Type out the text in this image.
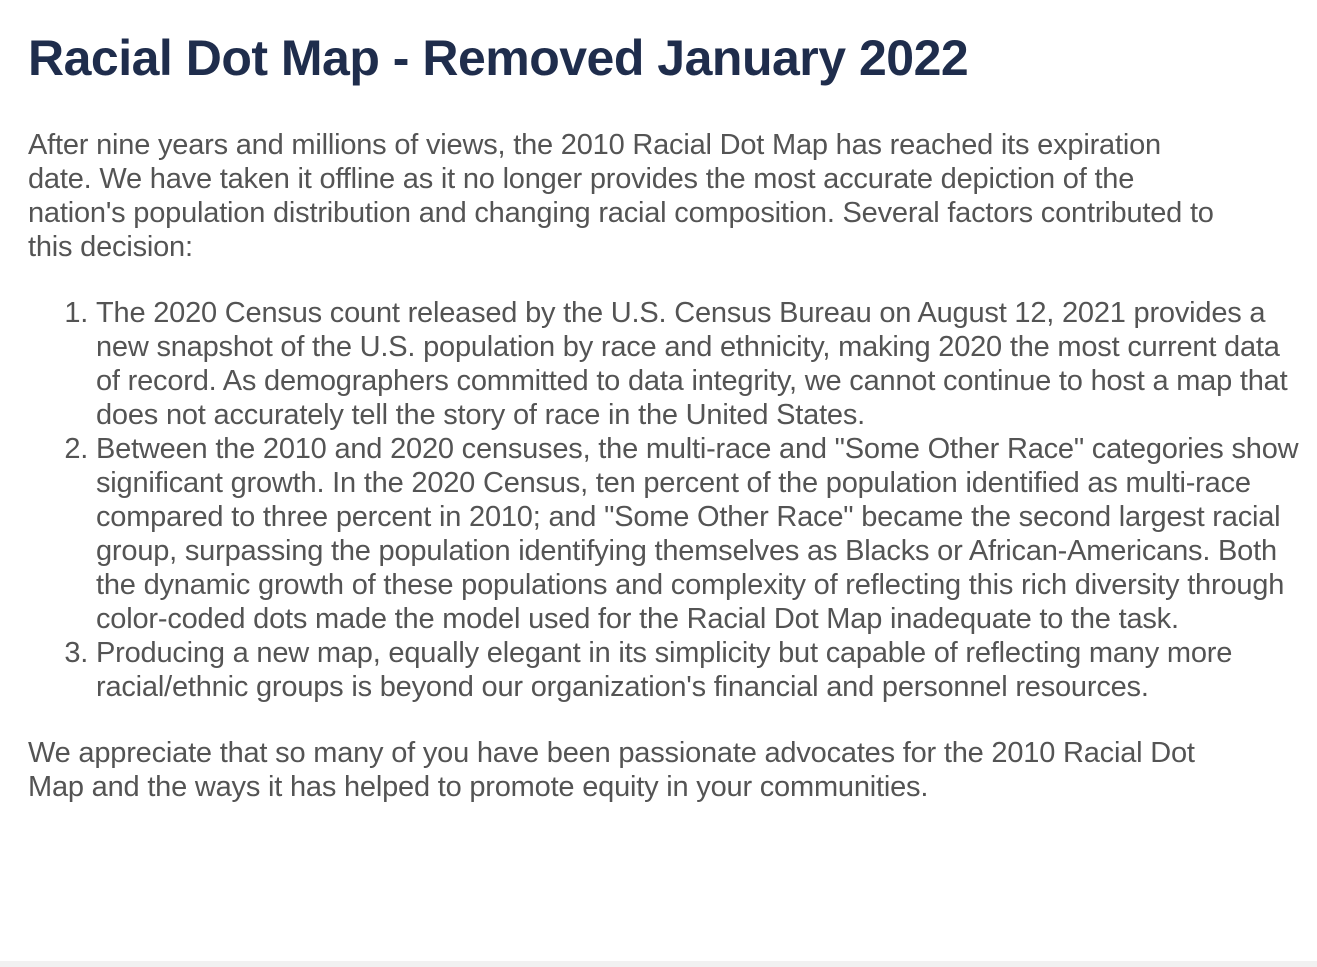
Racial Dot Map - Removed January 2022

After nine years and millions of views, the 2010 Racial Dot Map has reached its expiration date. We have taken it offline as it no longer provides the most accurate depiction of the nation's population distribution and changing racial composition. Several factors contributed to this decision:

1. The 2020 Census count released by the U.S. Census Bureau on August 12, 2021 provides a new snapshot of the U.S. population by race and ethnicity, making 2020 the most current data of record. As demographers committed to data integrity, we cannot continue to host a map that does not accurately tell the story of race in the United States.
2. Between the 2010 and 2020 censuses, the multi-race and "Some Other Race" categories show significant growth. In the 2020 Census, ten percent of the population identified as multi-race compared to three percent in 2010; and "Some Other Race" became the second largest racial group, surpassing the population identifying themselves as Blacks or African-Americans. Both the dynamic growth of these populations and complexity of reflecting this rich diversity through color-coded dots made the model used for the Racial Dot Map inadequate to the task.
3. Producing a new map, equally elegant in its simplicity but capable of reflecting many more racial/ethnic groups is beyond our organization's financial and personnel resources.

We appreciate that so many of you have been passionate advocates for the 2010 Racial Dot Map and the ways it has helped to promote equity in your communities.
